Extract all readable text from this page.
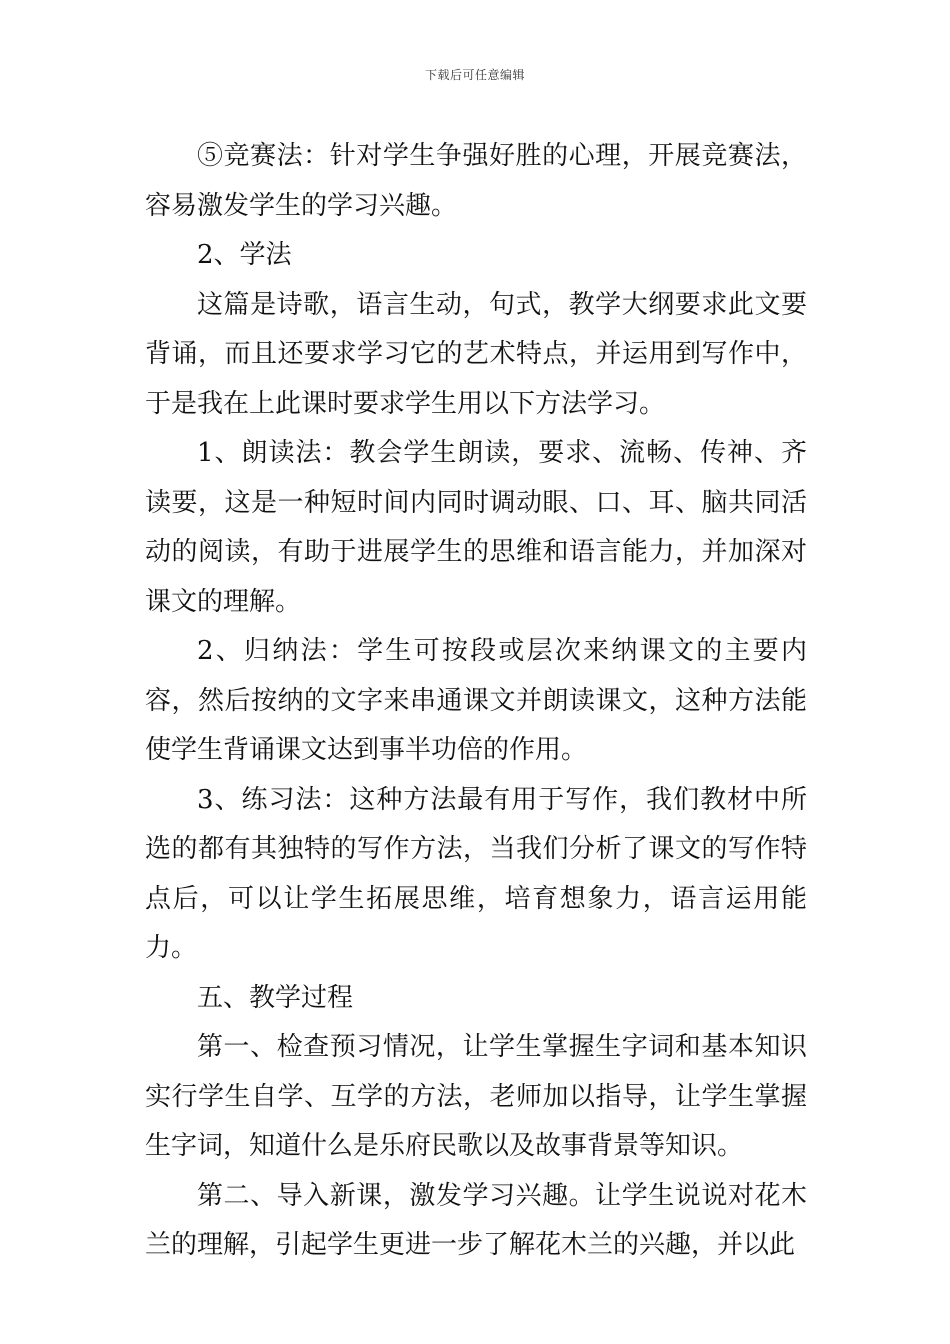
下载后可任意编辑

⑤竞赛法：针对学生争强好胜的心理，开展竞赛法，容易激发学生的学习兴趣。

2、学法

这篇是诗歌，语言生动，句式，教学大纲要求此文要背诵，而且还要求学习它的艺术特点，并运用到写作中，于是我在上此课时要求学生用以下方法学习。

1、朗读法：教会学生朗读，要求、流畅、传神、齐读要，这是一种短时间内同时调动眼、口、耳、脑共同活动的阅读，有助于进展学生的思维和语言能力，并加深对课文的理解。

2、归纳法：学生可按段或层次来纳课文的主要内容，然后按纳的文字来串通课文并朗读课文，这种方法能使学生背诵课文达到事半功倍的作用。

3、练习法：这种方法最有用于写作，我们教材中所选的都有其独特的写作方法，当我们分析了课文的写作特点后，可以让学生拓展思维，培育想象力，语言运用能力。

五、教学过程

第一、检查预习情况，让学生掌握生字词和基本知识实行学生自学、互学的方法，老师加以指导，让学生掌握生字词，知道什么是乐府民歌以及故事背景等知识。

第二、导入新课，激发学习兴趣。让学生说说对花木兰的理解，引起学生更进一步了解花木兰的兴趣，并以此
